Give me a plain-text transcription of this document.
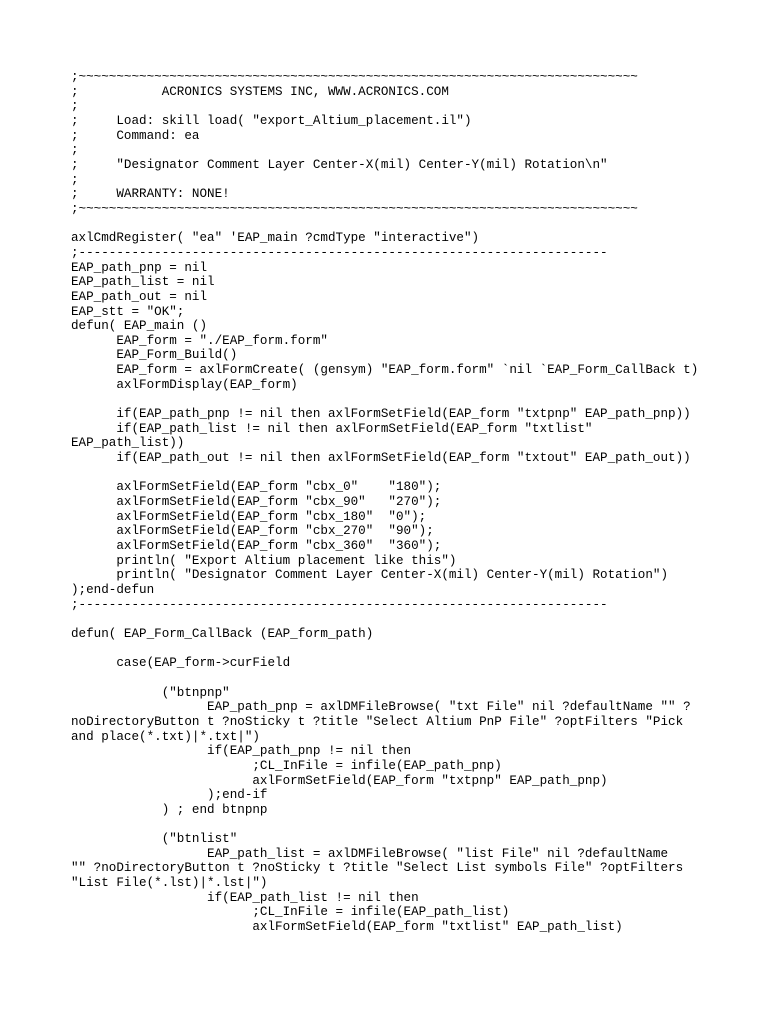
;~~~~~~~~~~~~~~~~~~~~~~~~~~~~~~~~~~~~~~~~~~~~~~~~~~~~~~~~~~~~~~~~~~~~~~~~~~
;           ACRONICS SYSTEMS INC, WWW.ACRONICS.COM
;
;     Load: skill load( "export_Altium_placement.il")
;     Command: ea
;
;     "Designator Comment Layer Center-X(mil) Center-Y(mil) Rotation\n"
;
;     WARRANTY: NONE!
;~~~~~~~~~~~~~~~~~~~~~~~~~~~~~~~~~~~~~~~~~~~~~~~~~~~~~~~~~~~~~~~~~~~~~~~~~~
axlCmdRegister( "ea" 'EAP_main ?cmdType "interactive")
;----------------------------------------------------------------------
EAP_path_pnp = nil
EAP_path_list = nil
EAP_path_out = nil
EAP_stt = "OK";
defun( EAP_main ()
EAP_form = "./EAP_form.form"
EAP_Form_Build()
EAP_form = axlFormCreate( (gensym) "EAP_form.form" `nil `EAP_Form_CallBack t)
axlFormDisplay(EAP_form)
if(EAP_path_pnp != nil then axlFormSetField(EAP_form "txtpnp" EAP_path_pnp))
if(EAP_path_list != nil then axlFormSetField(EAP_form "txtlist"
EAP_path_list))
if(EAP_path_out != nil then axlFormSetField(EAP_form "txtout" EAP_path_out))
axlFormSetField(EAP_form "cbx_0"    "180");
axlFormSetField(EAP_form "cbx_90"   "270");
axlFormSetField(EAP_form "cbx_180"  "0");
axlFormSetField(EAP_form "cbx_270"  "90");
axlFormSetField(EAP_form "cbx_360"  "360");
println( "Export Altium placement like this")
println( "Designator Comment Layer Center-X(mil) Center-Y(mil) Rotation")
);end-defun
;----------------------------------------------------------------------
defun( EAP_Form_CallBack (EAP_form_path)
case(EAP_form->curField
("btnpnp"
EAP_path_pnp = axlDMFileBrowse( "txt File" nil ?defaultName "" ?
noDirectoryButton t ?noSticky t ?title "Select Altium PnP File" ?optFilters "Pick
and place(*.txt)|*.txt|")
if(EAP_path_pnp != nil then
;CL_InFile = infile(EAP_path_pnp)
axlFormSetField(EAP_form "txtpnp" EAP_path_pnp)
);end-if
) ; end btnpnp
("btnlist"
EAP_path_list = axlDMFileBrowse( "list File" nil ?defaultName
"" ?noDirectoryButton t ?noSticky t ?title "Select List symbols File" ?optFilters
"List File(*.lst)|*.lst|")
if(EAP_path_list != nil then
;CL_InFile = infile(EAP_path_list)
axlFormSetField(EAP_form "txtlist" EAP_path_list)
